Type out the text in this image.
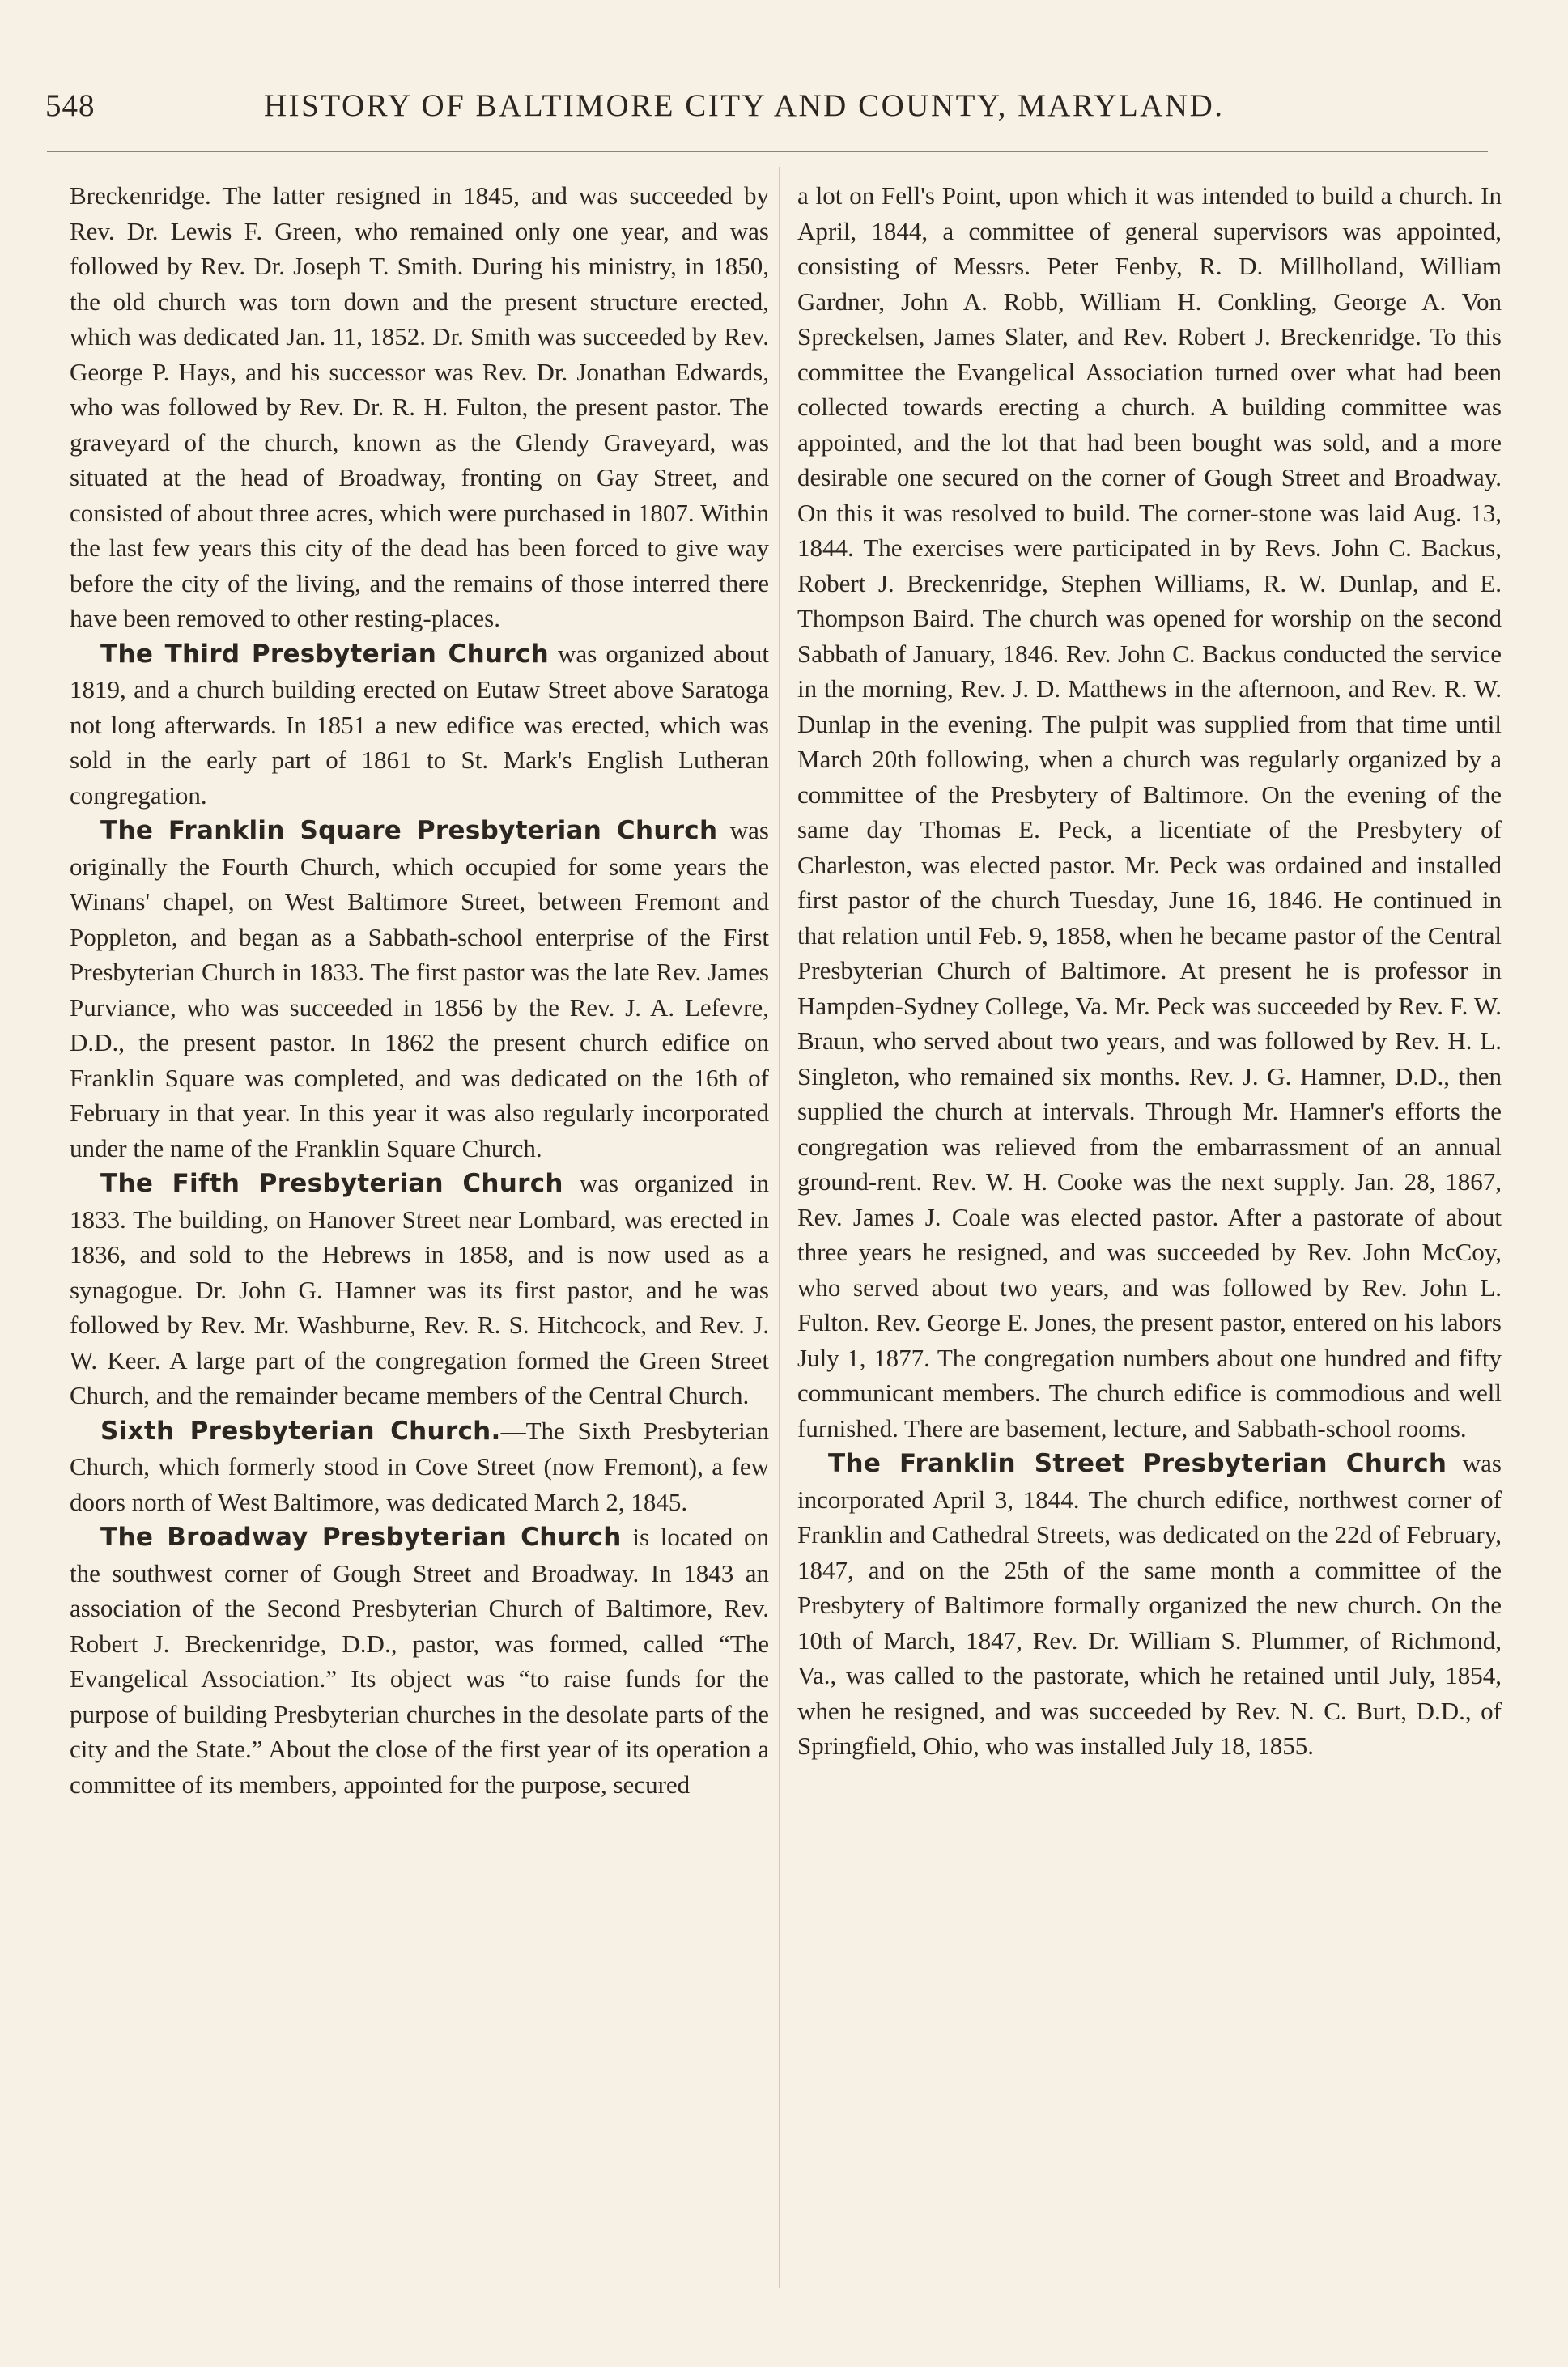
548	HISTORY OF BALTIMORE CITY AND COUNTY, MARYLAND.

Breckenridge. The latter resigned in 1845, and was succeeded by Rev. Dr. Lewis F. Green, who remained only one year, and was followed by Rev. Dr. Joseph T. Smith. During his ministry, in 1850, the old church was torn down and the present structure erected, which was dedicated Jan. 11, 1852. Dr. Smith was succeeded by Rev. George P. Hays, and his successor was Rev. Dr. Jonathan Edwards, who was followed by Rev. Dr. R. H. Fulton, the present pastor. The graveyard of the church, known as the Glendy Graveyard, was situated at the head of Broadway, fronting on Gay Street, and consisted of about three acres, which were purchased in 1807. Within the last few years this city of the dead has been forced to give way before the city of the living, and the remains of those interred there have been removed to other resting-places.

The Third Presbyterian Church was organized about 1819, and a church building erected on Eutaw Street above Saratoga not long afterwards. In 1851 a new edifice was erected, which was sold in the early part of 1861 to St. Mark's English Lutheran congregation.

The Franklin Square Presbyterian Church was originally the Fourth Church, which occupied for some years the Winans' chapel, on West Baltimore Street, between Fremont and Poppleton, and began as a Sabbath-school enterprise of the First Presbyterian Church in 1833. The first pastor was the late Rev. James Purviance, who was succeeded in 1856 by the Rev. J. A. Lefevre, D.D., the present pastor. In 1862 the present church edifice on Franklin Square was completed, and was dedicated on the 16th of February in that year. In this year it was also regularly incorporated under the name of the Franklin Square Church.

The Fifth Presbyterian Church was organized in 1833. The building, on Hanover Street near Lombard, was erected in 1836, and sold to the Hebrews in 1858, and is now used as a synagogue. Dr. John G. Hamner was its first pastor, and he was followed by Rev. Mr. Washburne, Rev. R. S. Hitchcock, and Rev. J. W. Keer. A large part of the congregation formed the Green Street Church, and the remainder became members of the Central Church.

Sixth Presbyterian Church.—The Sixth Presbyterian Church, which formerly stood in Cove Street (now Fremont), a few doors north of West Baltimore, was dedicated March 2, 1845.

The Broadway Presbyterian Church is located on the southwest corner of Gough Street and Broadway. In 1843 an association of the Second Presbyterian Church of Baltimore, Rev. Robert J. Breckenridge, D.D., pastor, was formed, called “The Evangelical Association.” Its object was “to raise funds for the purpose of building Presbyterian churches in the desolate parts of the city and the State.” About the close of the first year of its operation a committee of its members, appointed for the purpose, secured

a lot on Fell's Point, upon which it was intended to build a church. In April, 1844, a committee of general supervisors was appointed, consisting of Messrs. Peter Fenby, R. D. Millholland, William Gardner, John A. Robb, William H. Conkling, George A. Von Spreckelsen, James Slater, and Rev. Robert J. Breckenridge. To this committee the Evangelical Association turned over what had been collected towards erecting a church. A building committee was appointed, and the lot that had been bought was sold, and a more desirable one secured on the corner of Gough Street and Broadway. On this it was resolved to build. The corner-stone was laid Aug. 13, 1844. The exercises were participated in by Revs. John C. Backus, Robert J. Breckenridge, Stephen Williams, R. W. Dunlap, and E. Thompson Baird. The church was opened for worship on the second Sabbath of January, 1846. Rev. John C. Backus conducted the service in the morning, Rev. J. D. Matthews in the afternoon, and Rev. R. W. Dunlap in the evening. The pulpit was supplied from that time until March 20th following, when a church was regularly organized by a committee of the Presbytery of Baltimore. On the evening of the same day Thomas E. Peck, a licentiate of the Presbytery of Charleston, was elected pastor. Mr. Peck was ordained and installed first pastor of the church Tuesday, June 16, 1846. He continued in that relation until Feb. 9, 1858, when he became pastor of the Central Presbyterian Church of Baltimore. At present he is professor in Hampden-Sydney College, Va. Mr. Peck was succeeded by Rev. F. W. Braun, who served about two years, and was followed by Rev. H. L. Singleton, who remained six months. Rev. J. G. Hamner, D.D., then supplied the church at intervals. Through Mr. Hamner's efforts the congregation was relieved from the embarrassment of an annual ground-rent. Rev. W. H. Cooke was the next supply. Jan. 28, 1867, Rev. James J. Coale was elected pastor. After a pastorate of about three years he resigned, and was succeeded by Rev. John McCoy, who served about two years, and was followed by Rev. John L. Fulton. Rev. George E. Jones, the present pastor, entered on his labors July 1, 1877. The congregation numbers about one hundred and fifty communicant members. The church edifice is commodious and well furnished. There are basement, lecture, and Sabbath-school rooms.

The Franklin Street Presbyterian Church was incorporated April 3, 1844. The church edifice, northwest corner of Franklin and Cathedral Streets, was dedicated on the 22d of February, 1847, and on the 25th of the same month a committee of the Presbytery of Baltimore formally organized the new church. On the 10th of March, 1847, Rev. Dr. William S. Plummer, of Richmond, Va., was called to the pastorate, which he retained until July, 1854, when he resigned, and was succeeded by Rev. N. C. Burt, D.D., of Springfield, Ohio, who was installed July 18, 1855.
